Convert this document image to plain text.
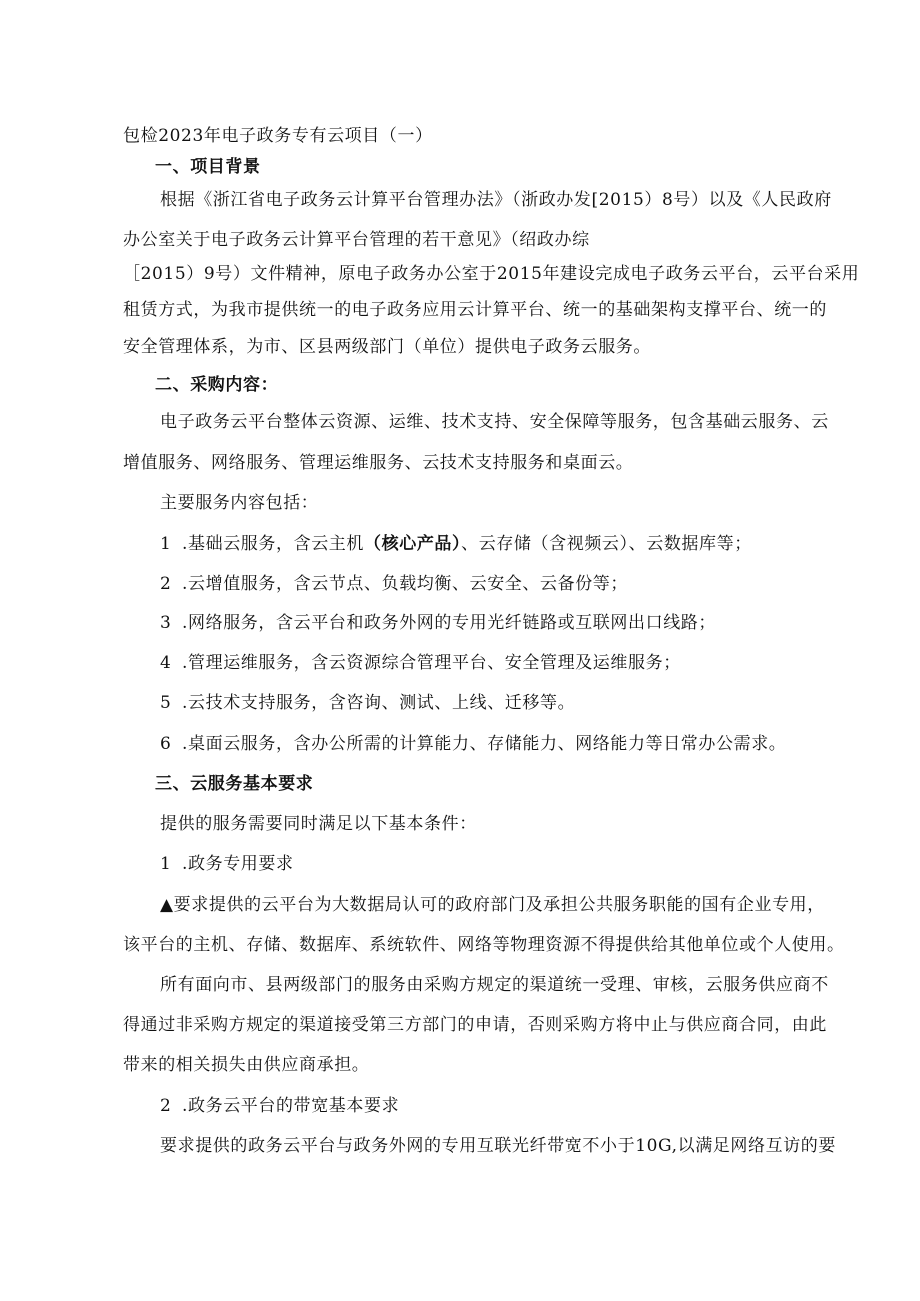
包检2023年电子政务专有云项目（一）
一、项目背景
根据《浙江省电子政务云计算平台管理办法》（浙政办发[2015）8号）以及《人民政府
办公室关于电子政务云计算平台管理的若干意见》（绍政办综
［2015）9号）文件精神，原电子政务办公室于2015年建设完成电子政务云平台，云平台采用
租赁方式，为我市提供统一的电子政务应用云计算平台、统一的基础架构支撑平台、统一的
安全管理体系，为市、区县两级部门（单位）提供电子政务云服务。
二、采购内容：
电子政务云平台整体云资源、运维、技术支持、安全保障等服务，包含基础云服务、云
增值服务、网络服务、管理运维服务、云技术支持服务和桌面云。
主要服务内容包括：
1 .基础云服务，含云主机（核心产品）、云存储（含视频云）、云数据库等；
2 .云增值服务，含云节点、负载均衡、云安全、云备份等；
3 .网络服务，含云平台和政务外网的专用光纤链路或互联网出口线路；
4 .管理运维服务，含云资源综合管理平台、安全管理及运维服务；
5 .云技术支持服务，含咨询、测试、上线、迁移等。
6 .桌面云服务，含办公所需的计算能力、存储能力、网络能力等日常办公需求。
三、云服务基本要求
提供的服务需要同时满足以下基本条件：
1 .政务专用要求
▲要求提供的云平台为大数据局认可的政府部门及承担公共服务职能的国有企业专用，
该平台的主机、存储、数据库、系统软件、网络等物理资源不得提供给其他单位或个人使用。
所有面向市、县两级部门的服务由采购方规定的渠道统一受理、审核，云服务供应商不
得通过非采购方规定的渠道接受第三方部门的申请，否则采购方将中止与供应商合同，由此
带来的相关损失由供应商承担。
2 .政务云平台的带宽基本要求
要求提供的政务云平台与政务外网的专用互联光纤带宽不小于10G,以满足网络互访的要
